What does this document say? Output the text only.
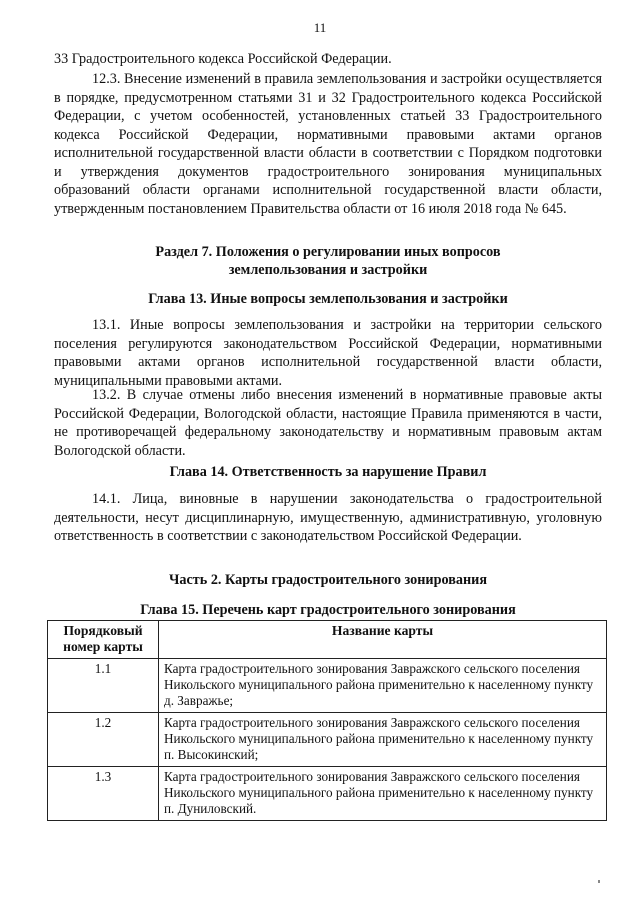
11

33 Градостроительного кодекса Российской Федерации.

12.3. Внесение изменений в правила землепользования и застройки осуществляется в порядке, предусмотренном статьями 31 и 32 Градостроительного кодекса Российской Федерации, с учетом особенностей, установленных статьей 33 Градостроительного кодекса Российской Федерации, нормативными правовыми актами органов исполнительной государственной власти области в соответствии с Порядком подготовки и утверждения документов градостроительного зонирования муниципальных образований области органами исполнительной государственной власти области, утвержденным постановлением Правительства области от 16 июля 2018 года № 645.

Раздел 7. Положения о регулировании иных вопросов

землепользования и застройки

Глава 13. Иные вопросы землепользования и застройки

13.1. Иные вопросы землепользования и застройки на территории сельского поселения регулируются законодательством Российской Федерации, нормативными правовыми актами органов исполнительной государственной власти области, муниципальными правовыми актами.

13.2. В случае отмены либо внесения изменений в нормативные правовые акты Российской Федерации, Вологодской области, настоящие Правила применяются в части, не противоречащей федеральному законодательству и нормативным правовым актам Вологодской области.

Глава 14. Ответственность за нарушение Правил

14.1. Лица, виновные в нарушении законодательства о градостроительной деятельности, несут дисциплинарную, имущественную, административную, уголовную ответственность в соответствии с законодательством Российской Федерации.

Часть 2. Карты градостроительного зонирования

Глава 15. Перечень карт градостроительного зонирования

Порядковый
номер карты	Название карты
1.1	Карта градостроительного зонирования Завражского сельского поселения Никольского муниципального района применительно к населенному пункту д. Завражье;
1.2	Карта градостроительного зонирования Завражского сельского поселения Никольского муниципального района применительно к населенному пункту п. Высокинский;
1.3	Карта градостроительного зонирования Завражского сельского поселения Никольского муниципального района применительно к населенному пункту п. Дуниловский.
